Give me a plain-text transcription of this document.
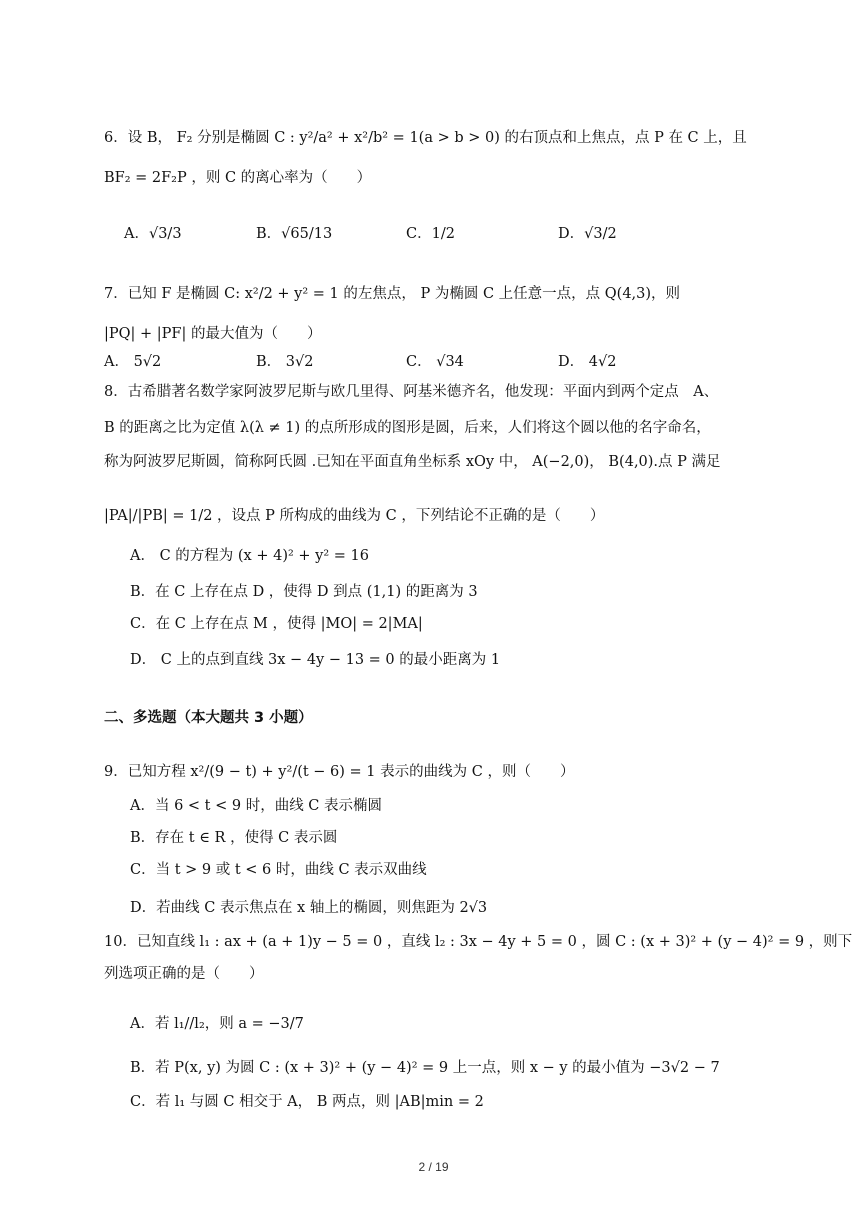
6．设 B， F₂ 分别是椭圆 C : y²/a² + x²/b² = 1(a > b > 0) 的右顶点和上焦点，点 P 在 C 上，且
BF₂ = 2F₂P ，则 C 的离心率为（　　）
A．√3/3	B．√65/13	C．1/2	D．√3/2
7．已知 F 是椭圆 C: x²/2 + y² = 1 的左焦点， P 为椭圆 C 上任意一点，点 Q(4,3)，则
|PQ| + |PF| 的最大值为（　　）
A． 5√2	B． 3√2	C． √34	D． 4√2
8．古希腊著名数学家阿波罗尼斯与欧几里得、阿基米德齐名，他发现：平面内到两个定点　A、
B 的距离之比为定值 λ(λ ≠ 1) 的点所形成的图形是圆，后来，人们将这个圆以他的名字命名，
称为阿波罗尼斯圆，简称阿氏圆 .已知在平面直角坐标系 xOy 中， A(−2,0)， B(4,0).点 P 满足
|PA|/|PB| = 1/2 ，设点 P 所构成的曲线为 C ，下列结论不正确的是（　　）
A． C 的方程为 (x + 4)² + y² = 16
B．在 C 上存在点 D ，使得 D 到点 (1,1) 的距离为 3
C．在 C 上存在点 M ，使得 |MO| = 2|MA|
D． C 上的点到直线 3x − 4y − 13 = 0 的最小距离为 1
二、多选题（本大题共 3 小题）
9．已知方程 x²/(9 − t) + y²/(t − 6) = 1 表示的曲线为 C ，则（　　）
A．当 6 < t < 9 时，曲线 C 表示椭圆
B．存在 t ∈ R ，使得 C 表示圆
C．当 t > 9 或 t < 6 时，曲线 C 表示双曲线
D．若曲线 C 表示焦点在 x 轴上的椭圆，则焦距为 2√3
10．已知直线 l₁ : ax + (a + 1)y − 5 = 0 ，直线 l₂ : 3x − 4y + 5 = 0 ，圆 C : (x + 3)² + (y − 4)² = 9 ，则下
列选项正确的是（　　）
A．若 l₁//l₂，则 a = −3/7
B．若 P(x, y) 为圆 C : (x + 3)² + (y − 4)² = 9 上一点，则 x − y 的最小值为 −3√2 − 7
C．若 l₁ 与圆 C 相交于 A， B 两点，则 |AB|min = 2
2 / 19
